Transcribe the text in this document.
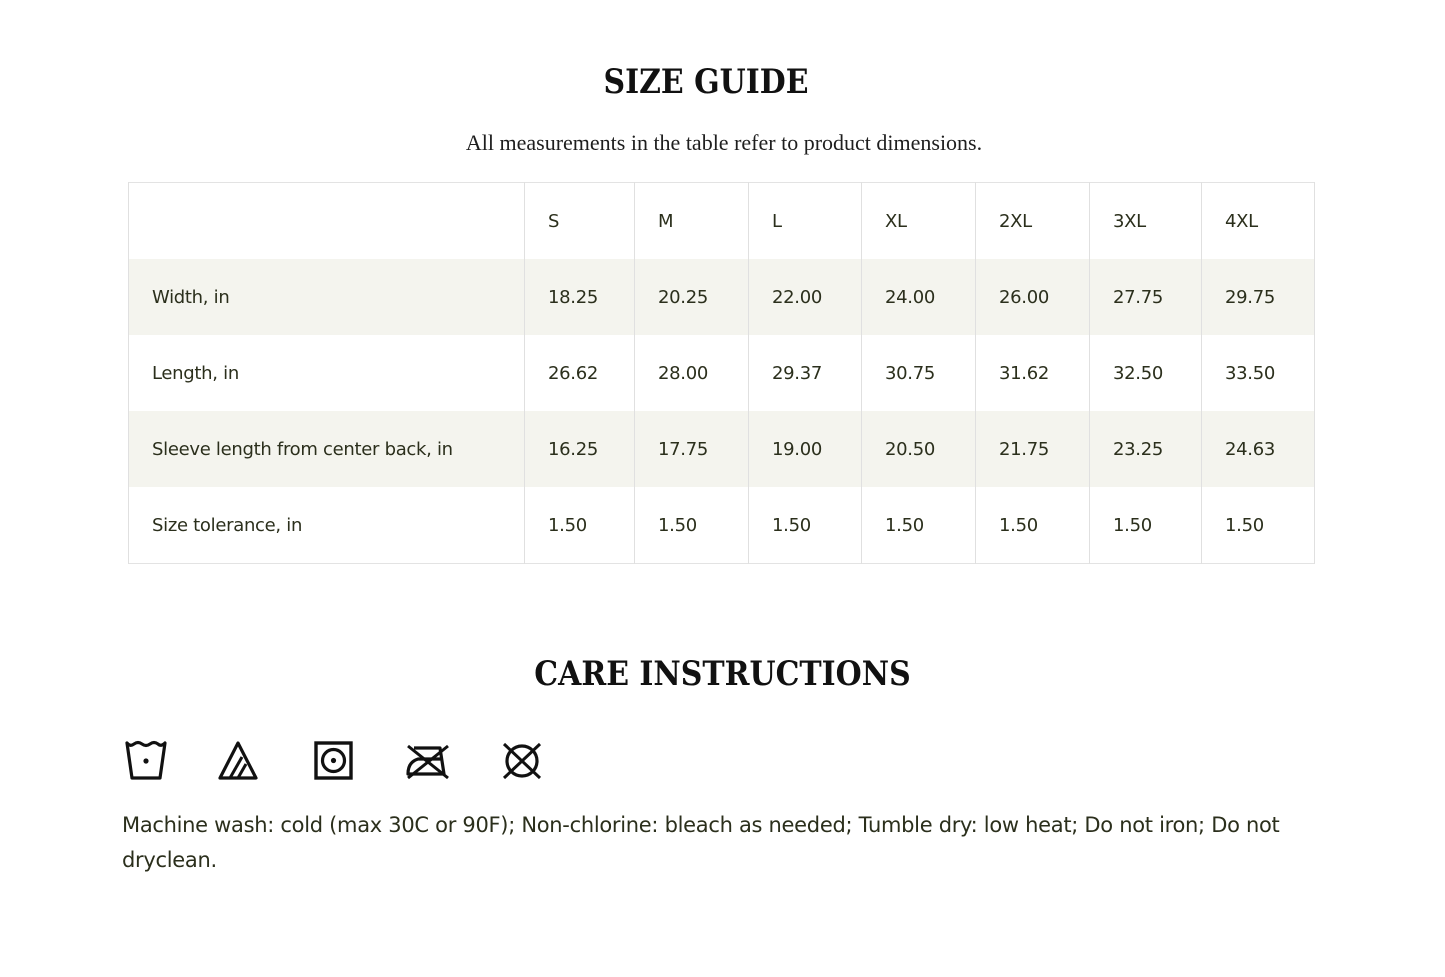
SIZE GUIDE
All measurements in the table refer to product dimensions.
	S	M	L	XL	2XL	3XL	4XL
Width, in	18.25	20.25	22.00	24.00	26.00	27.75	29.75
Length, in	26.62	28.00	29.37	30.75	31.62	32.50	33.50
Sleeve length from center back, in	16.25	17.75	19.00	20.50	21.75	23.25	24.63
Size tolerance, in	1.50	1.50	1.50	1.50	1.50	1.50	1.50
CARE INSTRUCTIONS
Machine wash: cold (max 30C or 90F); Non-chlorine: bleach as needed; Tumble dry: low heat; Do not iron; Do not dryclean.
